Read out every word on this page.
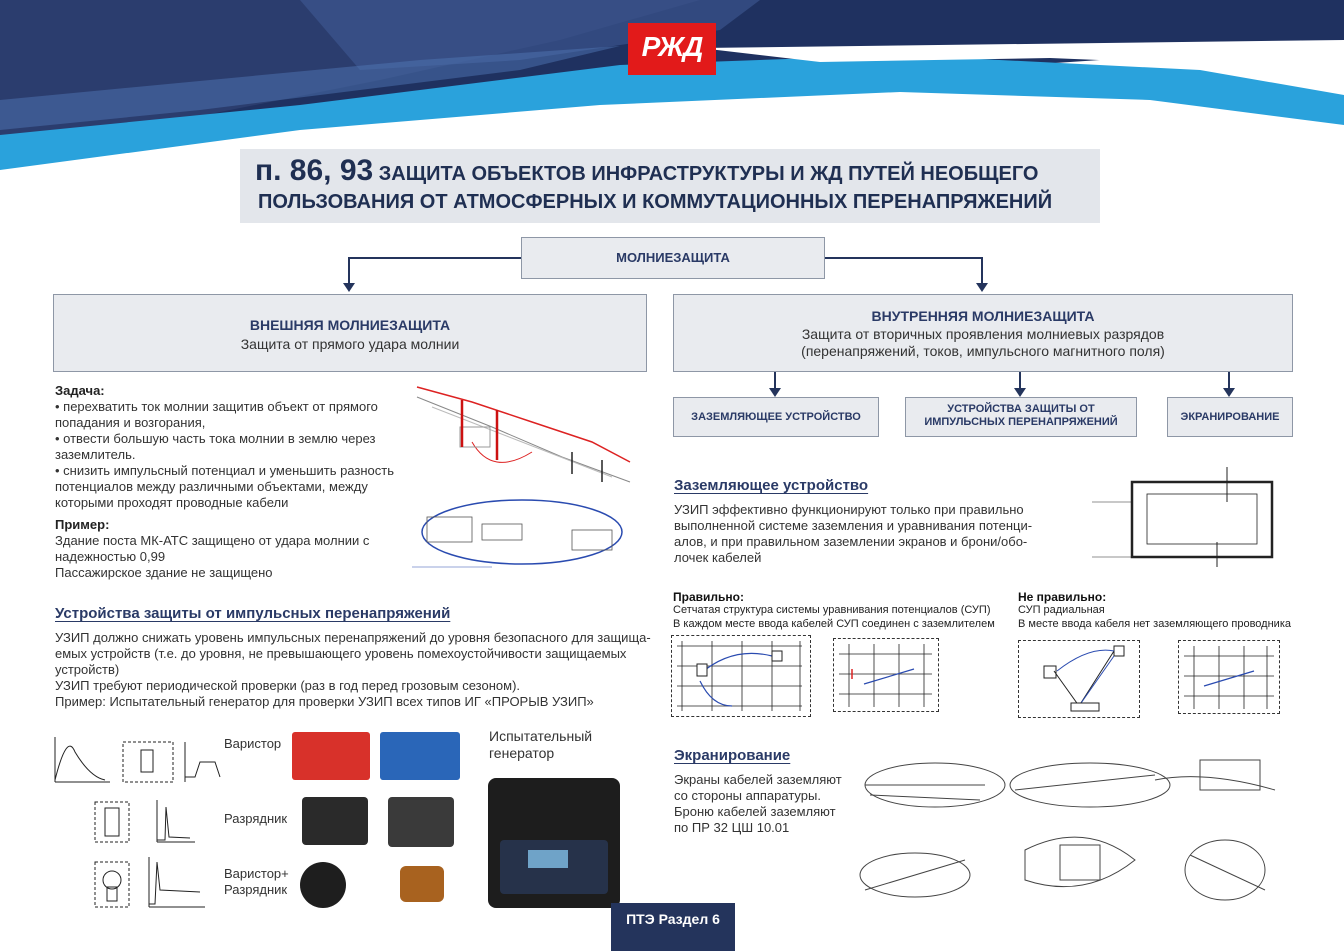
РЖД
п. 86, 93 ЗАЩИТА ОБЪЕКТОВ ИНФРАСТРУКТУРЫ И ЖД ПУТЕЙ НЕОБЩЕГО
ПОЛЬЗОВАНИЯ ОТ АТМОСФЕРНЫХ И КОММУТАЦИОННЫХ ПЕРЕНАПРЯЖЕНИЙ
МОЛНИЕЗАЩИТА
ВНЕШНЯЯ МОЛНИЕЗАЩИТА
Защита от прямого удара молнии
ВНУТРЕННЯЯ МОЛНИЕЗАЩИТА
Защита от вторичных проявления молниевых разрядов
(перенапряжений, токов, импульсного магнитного поля)
ЗАЗЕМЛЯЮЩЕЕ УСТРОЙСТВО
УСТРОЙСТВА ЗАЩИТЫ ОТ
ИМПУЛЬСНЫХ ПЕРЕНАПРЯЖЕНИЙ	ЭКРАНИРОВАНИЕ
Задача:
• перехватить ток молнии защитив объект от прямого
попадания и возгорания,
• отвести большую часть тока молнии в землю через
заземлитель.
• снизить импульсный потенциал и уменьшить разность
потенциалов между различными объектами, между
которыми проходят проводные кабели
Пример:
Здание поста МК-АТС защищено от удара молнии с
надежностью 0,99
Пассажирское здание не защищено
Устройства защиты от импульсных перенапряжений
УЗИП должно снижать уровень импульсных перенапряжений до уровня безопасного для защища-
емых устройств (т.е. до уровня, не превышающего уровень помехоустойчивости защищаемых
устройств)
УЗИП требуют периодической проверки (раз в год перед грозовым сезоном).
Пример: Испытательный генератор для проверки УЗИП всех типов ИГ «ПРОРЫВ УЗИП»
Варистор
Разрядник
Варистор+
Разрядник
Испытательный
генератор
Заземляющее устройство
УЗИП эффективно функционируют только при правильно
выполненной системе заземления и уравнивания потенци-
алов, и при правильном заземлении экранов и брони/обо-
лочек кабелей
Правильно:
Сетчатая структура системы уравнивания потенциалов (СУП)
В каждом месте ввода кабелей СУП соединен с заземлителем
Не правильно:
СУП радиальная
В месте ввода кабеля нет заземляющего проводника
Экранирование
Экраны кабелей заземляют
со стороны аппаратуры.
Броню кабелей заземляют
по ПР 32 ЦШ 10.01
ПТЭ Раздел 6
